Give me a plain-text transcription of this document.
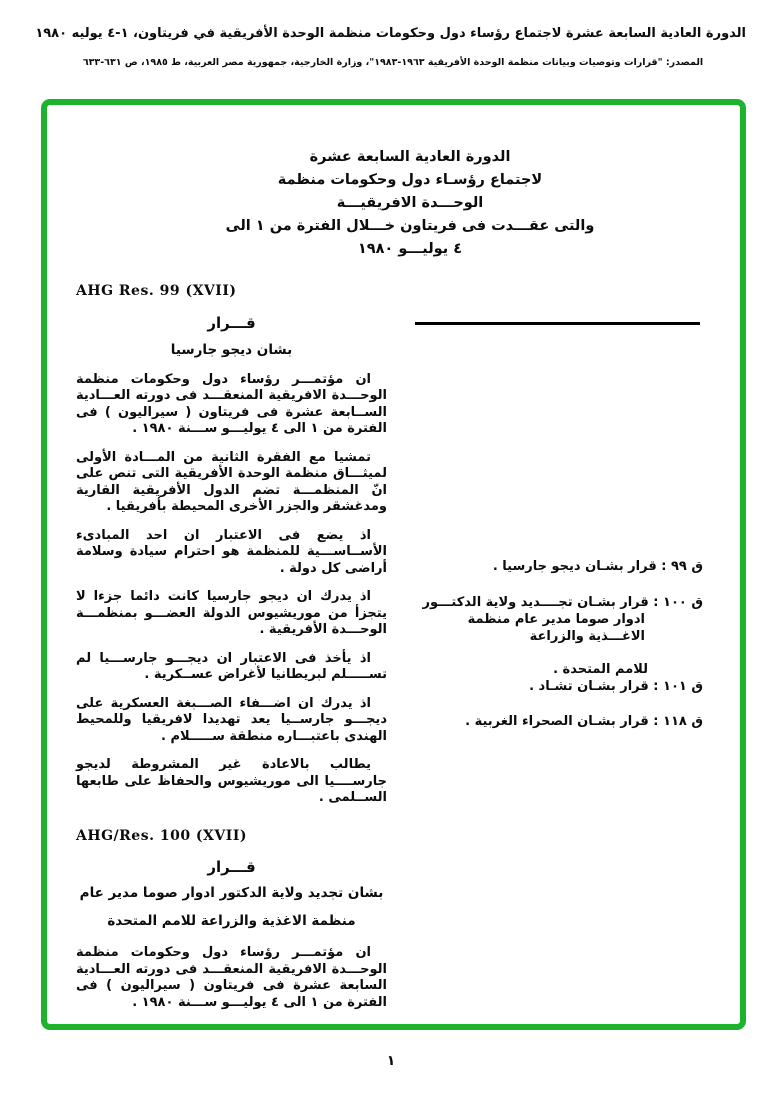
الدورة العادية السابعة عشرة لاجتماع رؤساء دول وحكومات منظمة الوحدة الأفريقية في فريتاون، ١-٤ يوليه ١٩٨٠
المصدر: "قرارات وتوصيات وبيانات منظمة الوحدة الأفريقية ١٩٦٣-١٩٨٣"، وزارة الخارجية، جمهورية مصر العربية، ط ١٩٨٥، ص ٦٣١-٦٣٣
الدورة العادية السابعة عشرة
لاجتماع رؤسـاء دول وحكومات منظمة
الوحـــدة الافريقيـــة
والتى عقـــدت فى فريتاون خـــلال الفترة من ١ الى
٤ يوليـــو ١٩٨٠
AHG Res. 99 (XVII)
قـــرار
بشان ديجو جارسيا

ان مؤتمـــر رؤساء دول وحكومات منظمة الوحـــدة الافريقية المنعقـــد فى دورته العـــادية الســابعة عشرة فى فريتاون ( سيراليون ) فى الفترة من ١ الى ٤ يوليـــو ســـنة ١٩٨٠ .

تمشيا مع الفقرة الثانية من المـــادة الأولى لميثـــاق منظمة الوحدة الأفريقية التى تنص على انّ المنظمـــة تضم الدول الأفريقية القارية ومدغشقر والجزر الأخرى المحيطة بأفريقيا .

اذ يضع فى الاعتبار ان احد المبادىء الأســاســـية للمنظمة هو احترام سيادة وسلامة أراضى كل دولة .

اذ يدرك ان ديجو جارسيا كانت دائما جزءا لا يتجزأ من موريشيوس الدولة العضـــو بمنظمـــة الوحـــدة الأفريقية .

اذ يأخذ فى الاعتبار ان ديجـــو جارســـيا لم تســـــلم لبريطانيا لأغراض عســكرية .

اذ يدرك ان اضـــفاء الصـــبغة العسكرية على ديجـــو جارســيا يعد تهديدا لافريقيا وللمحيط الهندى باعتبـــاره منطقة ســـــلام .

يطالب بالاعادة غير المشروطة لديجو جارســــيا الى موريشيوس والحفاظ على طابعها الســلمى .

AHG/Res. 100 (XVII)
قـــرار
بشان تجديد ولاية الدكتور ادوار صوما مدير عام
منظمة الاغذية والزراعة للامم المتحدة

ان مؤتمـــر رؤساء دول وحكومات منظمة الوحـــدة الافريقية المنعقـــد فى دورته العـــادية السابعة عشرة فى فريتاون ( سيراليون ) فى الفترة من ١ الى ٤ يوليـــو ســـنة ١٩٨٠ .

ق ٩٩ : قرار بشـان ديجو جارسيا .
ق ١٠٠ : قرار بشـان تجــــديد ولاية الدكتـــور ادوار صوما مدير عام منظمة الاغـــذية والزراعة
للامم المتحدة .
ق ١٠١ : قرار بشـان تشـاد .
ق ١١٨ : قرار بشـان الصحراء الغربية .
١
